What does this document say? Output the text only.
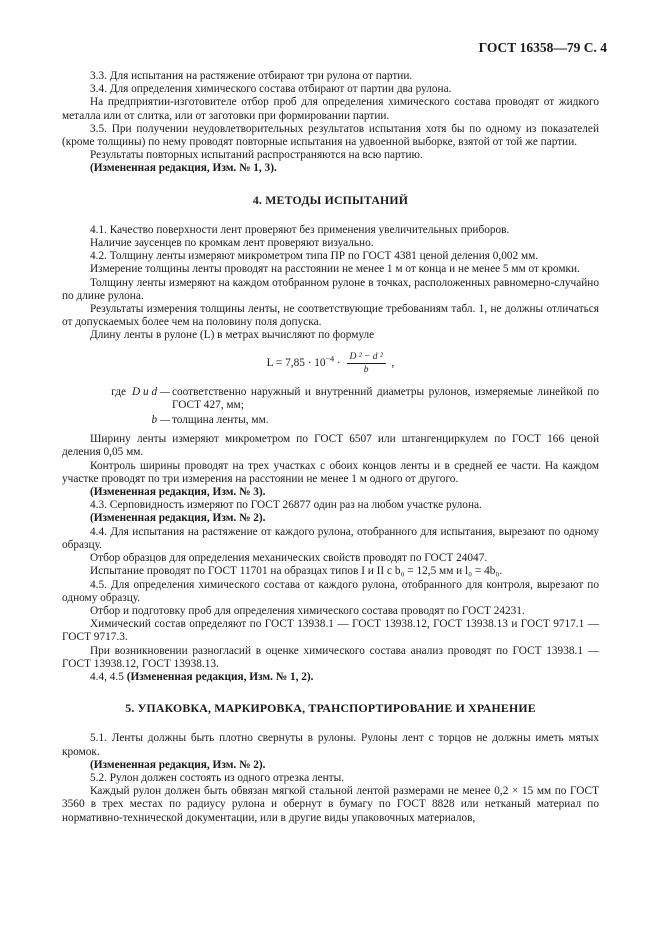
ГОСТ 16358—79 С. 4

3.3. Для испытания на растяжение отбирают три рулона от партии.

3.4. Для определения химического состава отбирают от партии два рулона.

На предприятии-изготовителе отбор проб для определения химического состава проводят от жидкого металла или от слитка, или от заготовки при формировании партии.

3.5. При получении неудовлетворительных результатов испытания хотя бы по одному из показателей (кроме толщины) по нему проводят повторные испытания на удвоенной выборке, взятой от той же партии.

Результаты повторных испытаний распространяются на всю партию.

(Измененная редакция, Изм. № 1, 3).

4. МЕТОДЫ ИСПЫТАНИЙ

4.1. Качество поверхности лент проверяют без применения увеличительных приборов.

Наличие заусенцев по кромкам лент проверяют визуально.

4.2. Толщину ленты измеряют микрометром типа ПР по ГОСТ 4381 ценой деления 0,002 мм.

Измерение толщины ленты проводят на расстоянии не менее 1 м от конца и не менее 5 мм от кромки.

Толщину ленты измеряют на каждом отобранном рулоне в точках, расположенных равномерно-случайно по длине рулона.

Результаты измерения толщины ленты, не соответствующие требованиям табл. 1, не должны отличаться от допускаемых более чем на половину поля допуска.

Длину ленты в рулоне (L) в метрах вычисляют по формуле

$L = 7,85 \cdot 10^{-4} \cdot \frac{\text{D ² − d ²}}{b}$ ,
где D и d — соответственно наружный и внутренний диаметры рулонов, измеряемые линейкой по ГОСТ 427, мм;
b — толщина ленты, мм.

Ширину ленты измеряют микрометром по ГОСТ 6507 или штангенциркулем по ГОСТ 166 ценой деления 0,05 мм.

Контроль ширины проводят на трех участках с обоих концов ленты и в средней ее части. На каждом участке проводят по три измерения на расстоянии не менее 1 м одного от другого.

(Измененная редакция, Изм. № 3).

4.3. Серповидность измеряют по ГОСТ 26877 один раз на любом участке рулона.

(Измененная редакция, Изм. № 2).

4.4. Для испытания на растяжение от каждого рулона, отобранного для испытания, вырезают по одному образцу.

Отбор образцов для определения механических свойств проводят по ГОСТ 24047.

Испытание проводят по ГОСТ 11701 на образцах типов I и II с b₀ = 12,5 мм и l₀ = 4b₀.

4.5. Для определения химического состава от каждого рулона, отобранного для контроля, вырезают по одному образцу.

Отбор и подготовку проб для определения химического состава проводят по ГОСТ 24231.

Химический состав определяют по ГОСТ 13938.1 — ГОСТ 13938.12, ГОСТ 13938.13 и ГОСТ 9717.1 — ГОСТ 9717.3.

При возникновении разногласий в оценке химического состава анализ проводят по ГОСТ 13938.1 — ГОСТ 13938.12, ГОСТ 13938.13.

4.4, 4.5 (Измененная редакция, Изм. № 1, 2).

5. УПАКОВКА, МАРКИРОВКА, ТРАНСПОРТИРОВАНИЕ И ХРАНЕНИЕ

5.1. Ленты должны быть плотно свернуты в рулоны. Рулоны лент с торцов не должны иметь мятых кромок.

(Измененная редакция, Изм. № 2).

5.2. Рулон должен состоять из одного отрезка ленты.

Каждый рулон должен быть обвязан мягкой стальной лентой размерами не менее 0,2 × 15 мм по ГОСТ 3560 в трех местах по радиусу рулона и обернут в бумагу по ГОСТ 8828 или нетканый материал по нормативно-технической документации, или в другие виды упаковочных материалов,
